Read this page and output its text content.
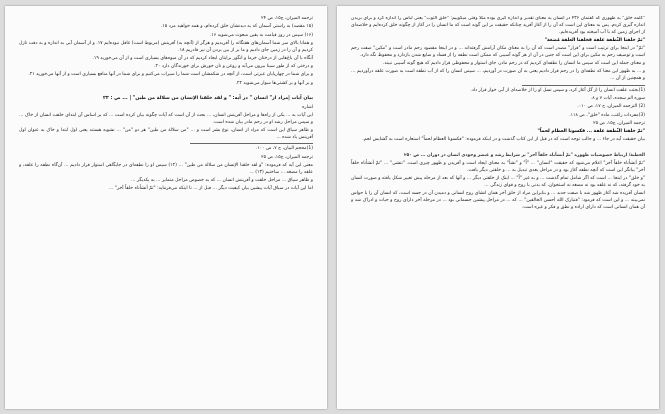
"کلمه خلق" به ظهوری که گفتمان ۴۳۶ در انسان به معنای تقدیر و اندازه گیری بوده مثلاً وقتی میگوییم: "خلق الثوب" یعنی لباس را اندازه کرد و برای بریدن اندازه گیری کردم. پس به معنای این است که آن را از آغاز آفرید چنانکه حقیقت بر این گونه است که ما انسان را در آغاز از چگونه خلق کرده‌ایم و خلاصه‌ای از اجزای زمین که با آب آمیخته بود آفریده‌ایم.

"ثمّ خلقنا النّطفة علقة فخلقنا العلقة مُضغة"

"ثمّ" در اینجا برای ترتیب است و "قرار" مصدر است که آن را به معنای مکان آرامش گرفته‌اند ... و در اینجا مقصود رحم مادر است و "مکین" صفت رحم است و توصیف رحم به مکین برای این است که جنین در آن از هر گونه آسیبی که ممکن است نطفه را از فساد و ضایع شدن بازدارد و محفوظ نگه دارد.

و معنای جمله این است که سپس ما انسان را نطفه‌ای کردیم که در رحم مادر، جای استوار و محفوظی قرار دادیم که هیچ گونه آسیبی نبیند.

و ... به ظهور این معنا که نطفه‌ای را در رحم قرار دادیم یعنی به آن صورت در آوردیم، ... سپس انسان را که از آب نطفه است به صورت علقه درآوردیم ... و همچنین از آن ...

(1)بحثت علقت انسان را از گل آغاز کرد، و سپس نسل او را از خلاصه‌ای از آبی خوار قرار داد.

سوره الم سجده، آیات ۷ و ۸.

(2) الترجمه المیزان، ج ۱۷، ص ۰۱۰.

(3)مفردات راغب، ماده "خلق"، ص ۱۱۸.

ترجمه المیزان، ج۱۵، ص ۲۵

"ثمّ خلقنا النّطفة علقة ... فکسونا العظام لحماً"

بیان حقیقت آیه در جاء ... و جالب توجه است که در قبل از این کتاب گذشت و در اینکه فرموده: "فکسونا العظام لحماً" استعاره است به گشایش لحم.

الخطبة/ ارتباط خصوصیات ظهوره "ثمّ أنشأناه خلقاً آخر" بر شرایط رشد و عنصر وجودی انسان در دوران ... ص ۲۵۰

"ثمّ أنشأناه خلقاً آخر" اعلام می‌شود که حقیقت "انسان" ... "اً" و "نشأ" به معنای ایجاد است و آفریدن و ظهور چیزی است. "تنشی" ... "ثمّ أنشأناه خلقاً آخر" بیانگر این است که آنچه نطفه آغاز بود و در مراحل بعدی تبدیل به ... و خلقتی دیگر یافت.

"و خلق" در اینجا ... است که اگر شامل تمام گذشت ... و به غیر "اً" ... اینک از خلقتی دیگر ... و آنها که بعد از مرحله پیش تغییر شکل یافته و صورت انسان به خود گرفته، که نه علقه بود نه مضغه نه استخوان، که بدنی با روح و قوای زندگی ...

انسان آفریده شد آغاز ظهور شد با صفت جدید ... و بنابراین مراد از خلق آخر همان انشای روح انسانی و دمیدن آن در جسد است، که انسان آن را با حواس نمی‌بیند ... و این است که فرمود: "فتبارک الله أحسن الخالقین" ... که ... در مراحل پیشین جسمانی بود ... در مرحله آخر دارای روح و حیات و ادراک شد و آن همان انسانی است که دارای اراده و نطق و فکر و غیره است.

ترجمه المیزان، ج۱۵، ص ۲۴

(۱۵ مقصد) به راستی آسمان که به دیدنشان خلق کرده‌ام، و همه خواهید مرد ۱۵.

(۱۶) سپس در روز قیامت به یقین مبعوث می‌شوید ۱۶.

و همانا بالای سر شما آسمان‌های هفتگانه را آفریدیم و هرگز از (آنچه به) آفرینش (مربوط است) غافل نبوده‌ایم ۱۷. و از آسمان آبی به اندازه و به دقت نازل کردیم و آن را در زمین جای دادیم و ما بر از بین بردن آن نیز قادریم ۱۸.

آنگاه با آن باغ‌هایی از درختان خرما و انگور برایتان ایجاد کردیم که در آن میوه‌های بسیاری است و از آن می‌خورید ۱۹.

و درختی که از طور سینا بیرون می‌آید و روغن و نان خورش برای خورندگان دارد ۲۰.

و برای شما در چهارپایان عبرتی است، از آنچه در شکمشان است شما را سیراب می‌کنیم و برای شما در آنها منافع بسیاری است و از آنها می‌خورید ۲۱.

و بر آنها و بر کشتی‌ها سوار می‌شوید ۲۲.

بیان آیات |مراد از" انسان " در آیه: " و لقد خلقنا الإنسان من سلالة من طین" | ... ص : ۲۴

اشاره

این آیات به ... یکی از راه‌ها و مراحل آفرینش انسان، ... بحث از آن است که آیات چگونه بیان کرده است ... که بر اساس آن ابتدای خلقت انسان از خاک ... و سپس مراحل رشد او در رحم مادر بیان شده است.

و ظاهر سیاق این است که مراد از انسان، نوع بشر است و ... "من سلالة من طین" هر دو "من" ... نشویه هستند یعنی اول ابتدا و خاک به عنوان اول آفرینش یاد شده ...

(1)محجم البیان، ج ۷، ص ۱۰۰.

ترجمه المیزان، ج۱۵، ص ۲۵

معنی این آیه که فرموده: "و لقد خلقنا الإنسان من سلالة من طین" ... (۱۲) سپس او را نطفه‌ای در جایگاهی استوار قرار دادیم ... آن‌گاه نطفه را علقه، و علقه را مضغه ... ساختیم (۱۳) ...

و ظاهر سیاق ... مراحل خلقت و آفرینش انسان ... که به خصوص مراحل متمایز ... به یکدیگر ...

اما این آیات در سیاق آیات پیشین بیان کیفیت دیگر ... قبل از ... تا اینکه می‌فرماید: "ثمّ أنشأناه خلقاً آخر" ...
